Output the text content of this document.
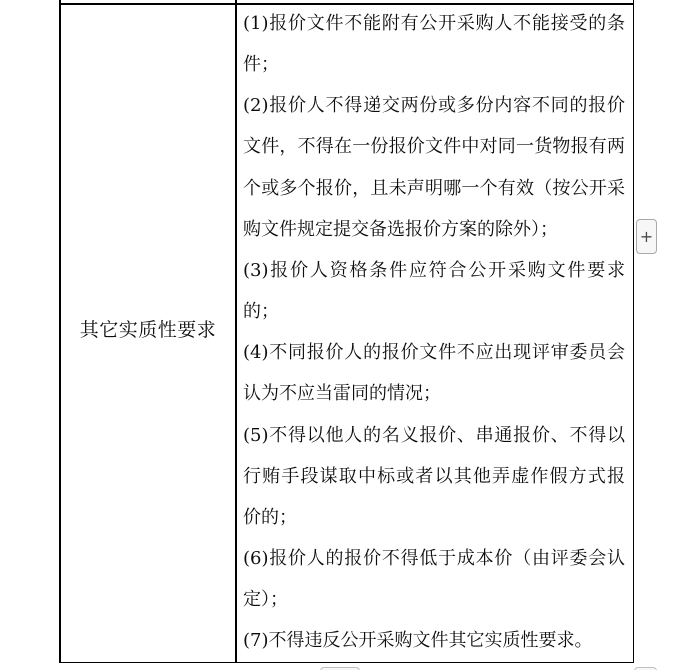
其它实质性要求
(1)报价文件不能附有公开采购人不能接受的条
件；
(2)报价人不得递交两份或多份内容不同的报价
文件，不得在一份报价文件中对同一货物报有两
个或多个报价，且未声明哪一个有效（按公开采
购文件规定提交备选报价方案的除外）；
(3)报价人资格条件应符合公开采购文件要求
的；
(4)不同报价人的报价文件不应出现评审委员会
认为不应当雷同的情况；
(5)不得以他人的名义报价、串通报价、不得以
行贿手段谋取中标或者以其他弄虚作假方式报
价的；
(6)报价人的报价不得低于成本价（由评委会认
定）；
(7)不得违反公开采购文件其它实质性要求。
+
